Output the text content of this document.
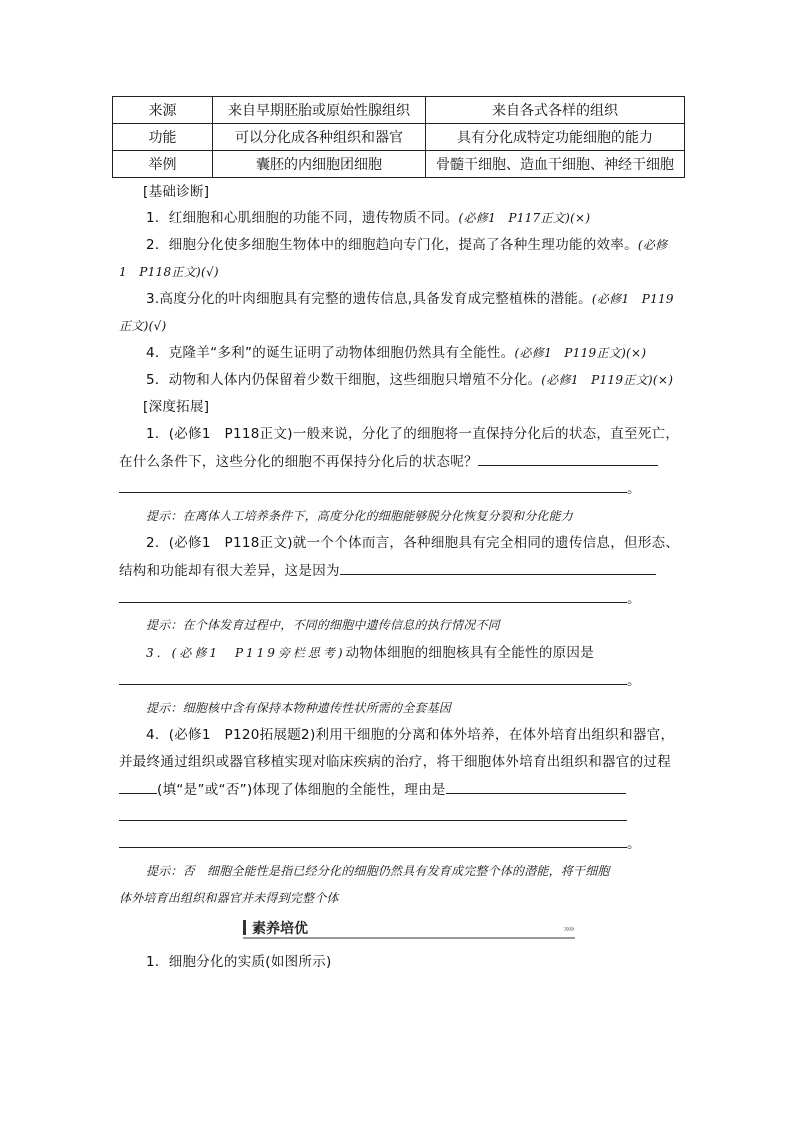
来源	来自早期胚胎或原始性腺组织	来自各式各样的组织
功能	可以分化成各种组织和器官	具有分化成特定功能细胞的能力
举例	囊胚的内细胞团细胞	骨髓干细胞、造血干细胞、神经干细胞
[基础诊断]
1．红细胞和心肌细胞的功能不同，遗传物质不同。(必修1　P117正文)(×)
2．细胞分化使多细胞生物体中的细胞趋向专门化，提高了各种生理功能的效率。(必修
1　P118正文)(√)
3.高度分化的叶肉细胞具有完整的遗传信息,具备发育成完整植株的潜能。(必修1　P119
正文)(√)
4．克隆羊“多利”的诞生证明了动物体细胞仍然具有全能性。(必修1　P119正文)(×)
5．动物和人体内仍保留着少数干细胞，这些细胞只增殖不分化。(必修1　P119正文)(×)
[深度拓展]
1．(必修1　P118正文)一般来说，分化了的细胞将一直保持分化后的状态，直至死亡，
在什么条件下，这些分化的细胞不再保持分化后的状态呢？
。
提示：在离体人工培养条件下，高度分化的细胞能够脱分化恢复分裂和分化能力
2．(必修1　P118正文)就一个个体而言，各种细胞具有完全相同的遗传信息，但形态、
结构和功能却有很大差异，这是因为
。
提示：在个体发育过程中，不同的细胞中遗传信息的执行情况不同
3．(必修1　P119旁栏思考)动物体细胞的细胞核具有全能性的原因是
。
提示：细胞核中含有保持本物种遗传性状所需的全套基因
4．(必修1　P120拓展题2)利用干细胞的分离和体外培养，在体外培育出组织和器官，
并最终通过组织或器官移植实现对临床疾病的治疗，将干细胞体外培育出组织和器官的过程
(填“是”或“否”)体现了体细胞的全能性，理由是
。
提示：否　细胞全能性是指已经分化的细胞仍然具有发育成完整个体的潜能，将干细胞
体外培育出组织和器官并未得到完整个体
素养培优	»»
1．细胞分化的实质(如图所示)
